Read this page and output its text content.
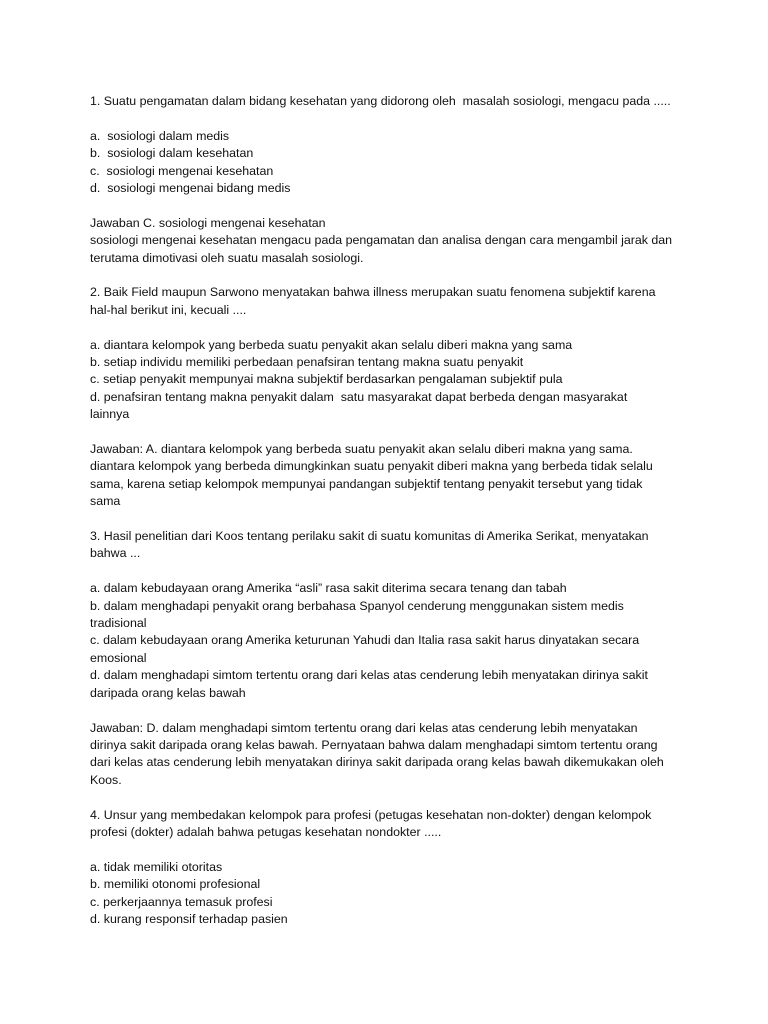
1. Suatu pengamatan dalam bidang kesehatan yang didorong oleh  masalah sosiologi, mengacu pada .....
a.  sosiologi dalam medis
b.  sosiologi dalam kesehatan
c.  sosiologi mengenai kesehatan
d.  sosiologi mengenai bidang medis
Jawaban C. sosiologi mengenai kesehatan
sosiologi mengenai kesehatan mengacu pada pengamatan dan analisa dengan cara mengambil jarak dan
terutama dimotivasi oleh suatu masalah sosiologi.
2. Baik Field maupun Sarwono menyatakan bahwa illness merupakan suatu fenomena subjektif karena
hal-hal berikut ini, kecuali ....
a. diantara kelompok yang berbeda suatu penyakit akan selalu diberi makna yang sama
b. setiap individu memiliki perbedaan penafsiran tentang makna suatu penyakit
c. setiap penyakit mempunyai makna subjektif berdasarkan pengalaman subjektif pula
d. penafsiran tentang makna penyakit dalam  satu masyarakat dapat berbeda dengan masyarakat
lainnya
Jawaban: A. diantara kelompok yang berbeda suatu penyakit akan selalu diberi makna yang sama.
diantara kelompok yang berbeda dimungkinkan suatu penyakit diberi makna yang berbeda tidak selalu
sama, karena setiap kelompok mempunyai pandangan subjektif tentang penyakit tersebut yang tidak
sama
3. Hasil penelitian dari Koos tentang perilaku sakit di suatu komunitas di Amerika Serikat, menyatakan
bahwa ...
a. dalam kebudayaan orang Amerika “asli” rasa sakit diterima secara tenang dan tabah
b. dalam menghadapi penyakit orang berbahasa Spanyol cenderung menggunakan sistem medis
tradisional
c. dalam kebudayaan orang Amerika keturunan Yahudi dan Italia rasa sakit harus dinyatakan secara
emosional
d. dalam menghadapi simtom tertentu orang dari kelas atas cenderung lebih menyatakan dirinya sakit
daripada orang kelas bawah
Jawaban: D. dalam menghadapi simtom tertentu orang dari kelas atas cenderung lebih menyatakan
dirinya sakit daripada orang kelas bawah. Pernyataan bahwa dalam menghadapi simtom tertentu orang
dari kelas atas cenderung lebih menyatakan dirinya sakit daripada orang kelas bawah dikemukakan oleh
Koos.
4. Unsur yang membedakan kelompok para profesi (petugas kesehatan non-dokter) dengan kelompok
profesi (dokter) adalah bahwa petugas kesehatan nondokter .....
a. tidak memiliki otoritas
b. memiliki otonomi profesional
c. perkerjaannya temasuk profesi
d. kurang responsif terhadap pasien
